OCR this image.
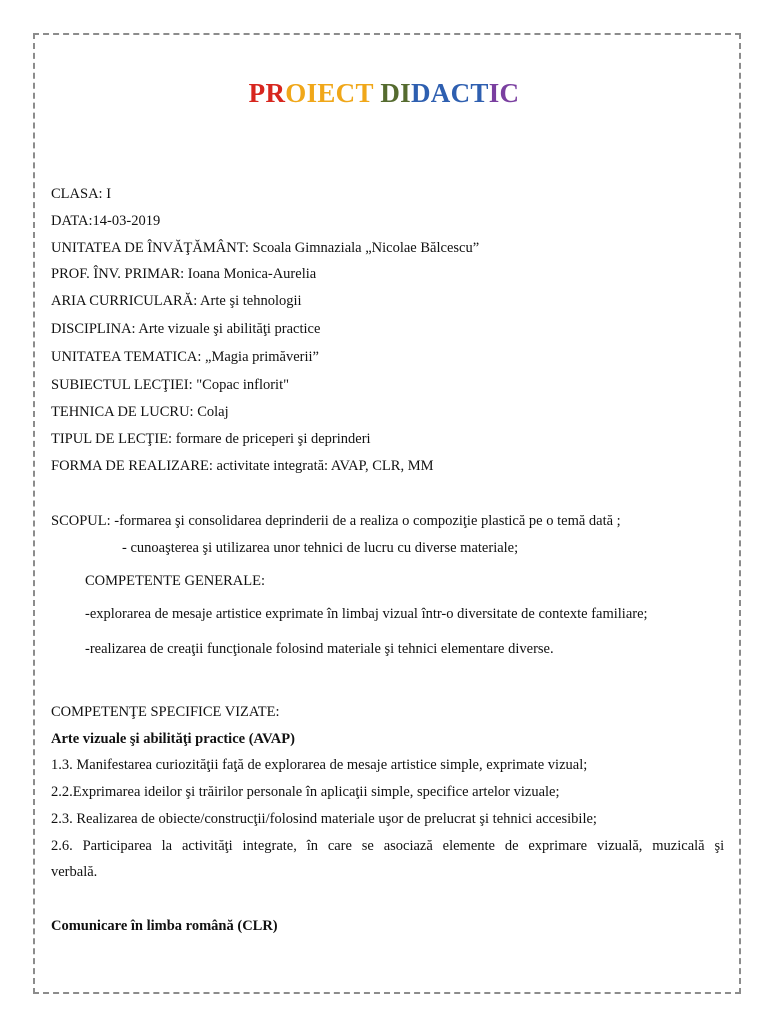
PROIECT DIDACTIC
CLASA: I
DATA:14-03-2019
UNITATEA DE ÎNVĂŢĂMÂNT: Scoala Gimnaziala „Nicolae Bălcescu”
PROF. ÎNV. PRIMAR: Ioana Monica-Aurelia
ARIA CURRICULARĂ: Arte şi tehnologii
DISCIPLINA: Arte vizuale şi abilităţi practice
UNITATEA TEMATICA: „Magia primăverii”
SUBIECTUL LECŢIEI: "Copac inflorit"
TEHNICA DE LUCRU: Colaj
TIPUL DE LECŢIE: formare de priceperi şi deprinderi
FORMA DE REALIZARE: activitate integrată: AVAP, CLR, MM
SCOPUL: -formarea şi consolidarea deprinderii de a realiza o compoziţie plastică pe o temă dată ;
- cunoaşterea şi utilizarea unor tehnici de lucru cu diverse materiale;
COMPETENTE GENERALE:
-explorarea de mesaje artistice exprimate în limbaj vizual într-o diversitate de contexte familiare;
-realizarea de creaţii funcţionale folosind materiale şi tehnici elementare diverse.
COMPETENŢE SPECIFICE VIZATE:
Arte vizuale şi abilităţi practice (AVAP)
1.3. Manifestarea curiozităţii faţă de explorarea de mesaje artistice simple, exprimate vizual;
2.2.Exprimarea ideilor şi trăirilor personale în aplicaţii simple, specifice artelor vizuale;
2.3. Realizarea de obiecte/construcţii/folosind materiale uşor de prelucrat şi tehnici accesibile;
2.6. Participarea la activităţi integrate, în care se asociază elemente de exprimare vizuală, muzicală şi
verbală.
Comunicare în limba română (CLR)
